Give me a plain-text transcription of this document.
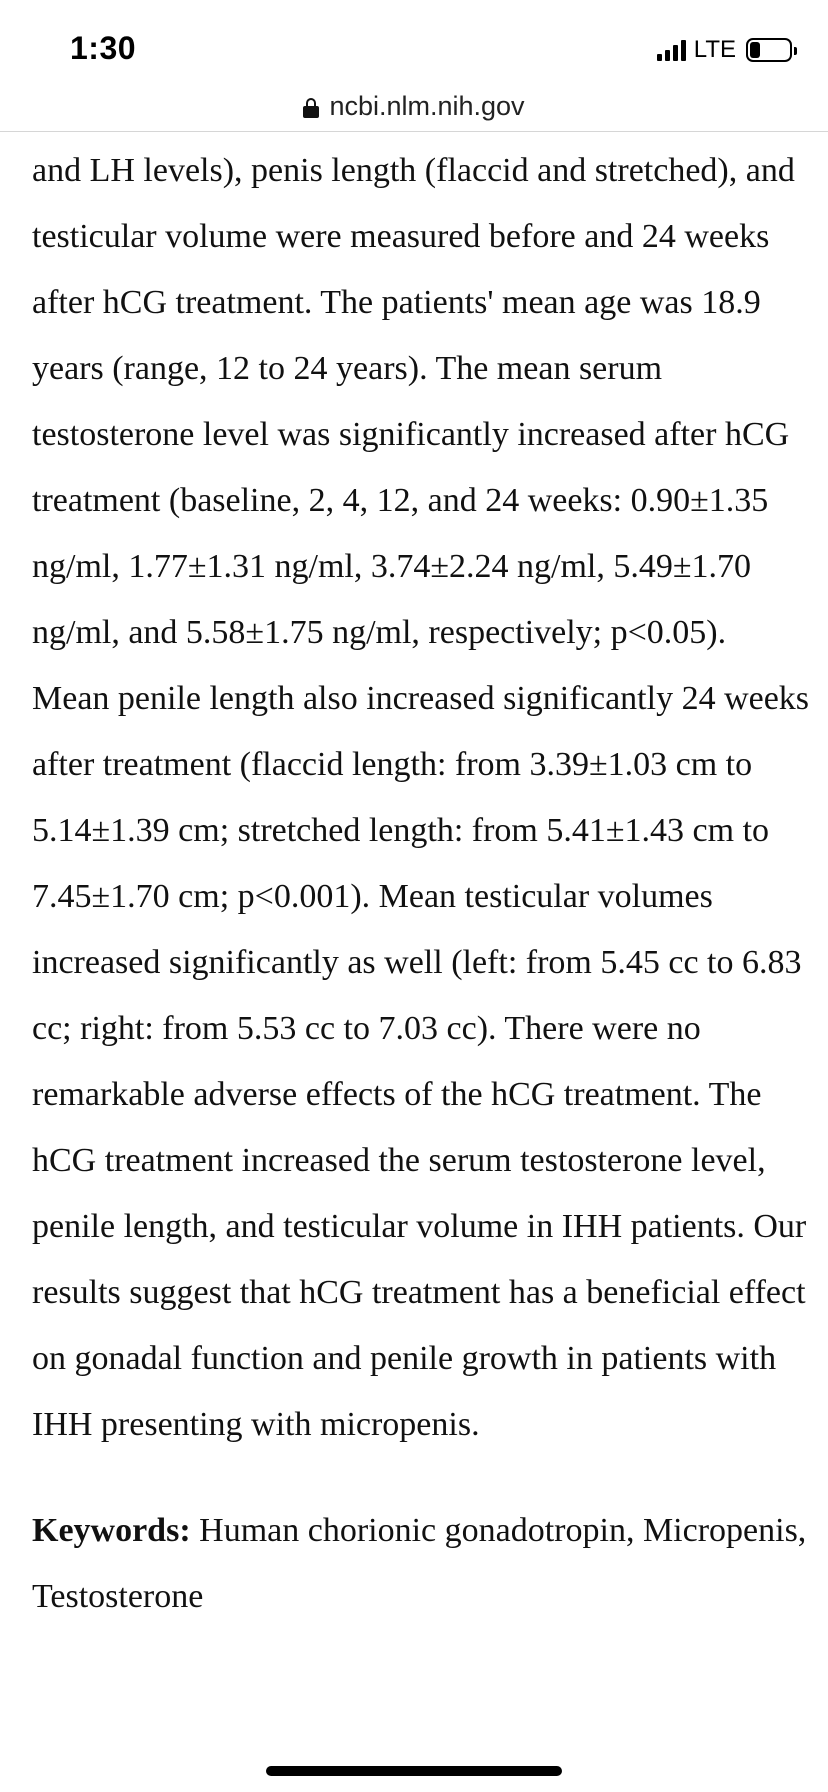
1:30	LTE
ncbi.nlm.nih.gov

and LH levels), penis length (flaccid and stretched), and testicular volume were measured before and 24 weeks after hCG treatment. The patients' mean age was 18.9 years (range, 12 to 24 years). The mean serum testosterone level was significantly increased after hCG treatment (baseline, 2, 4, 12, and 24 weeks: 0.90±1.35 ng/ml, 1.77±1.31 ng/ml, 3.74±2.24 ng/ml, 5.49±1.70 ng/ml, and 5.58±1.75 ng/ml, respectively; p<0.05). Mean penile length also increased significantly 24 weeks after treatment (flaccid length: from 3.39±1.03 cm to 5.14±1.39 cm; stretched length: from 5.41±1.43 cm to 7.45±1.70 cm; p<0.001). Mean testicular volumes increased significantly as well (left: from 5.45 cc to 6.83 cc; right: from 5.53 cc to 7.03 cc). There were no remarkable adverse effects of the hCG treatment. The hCG treatment increased the serum testosterone level, penile length, and testicular volume in IHH patients. Our results suggest that hCG treatment has a beneficial effect on gonadal function and penile growth in patients with IHH presenting with micropenis.

Keywords: Human chorionic gonadotropin, Micropenis, Testosterone
